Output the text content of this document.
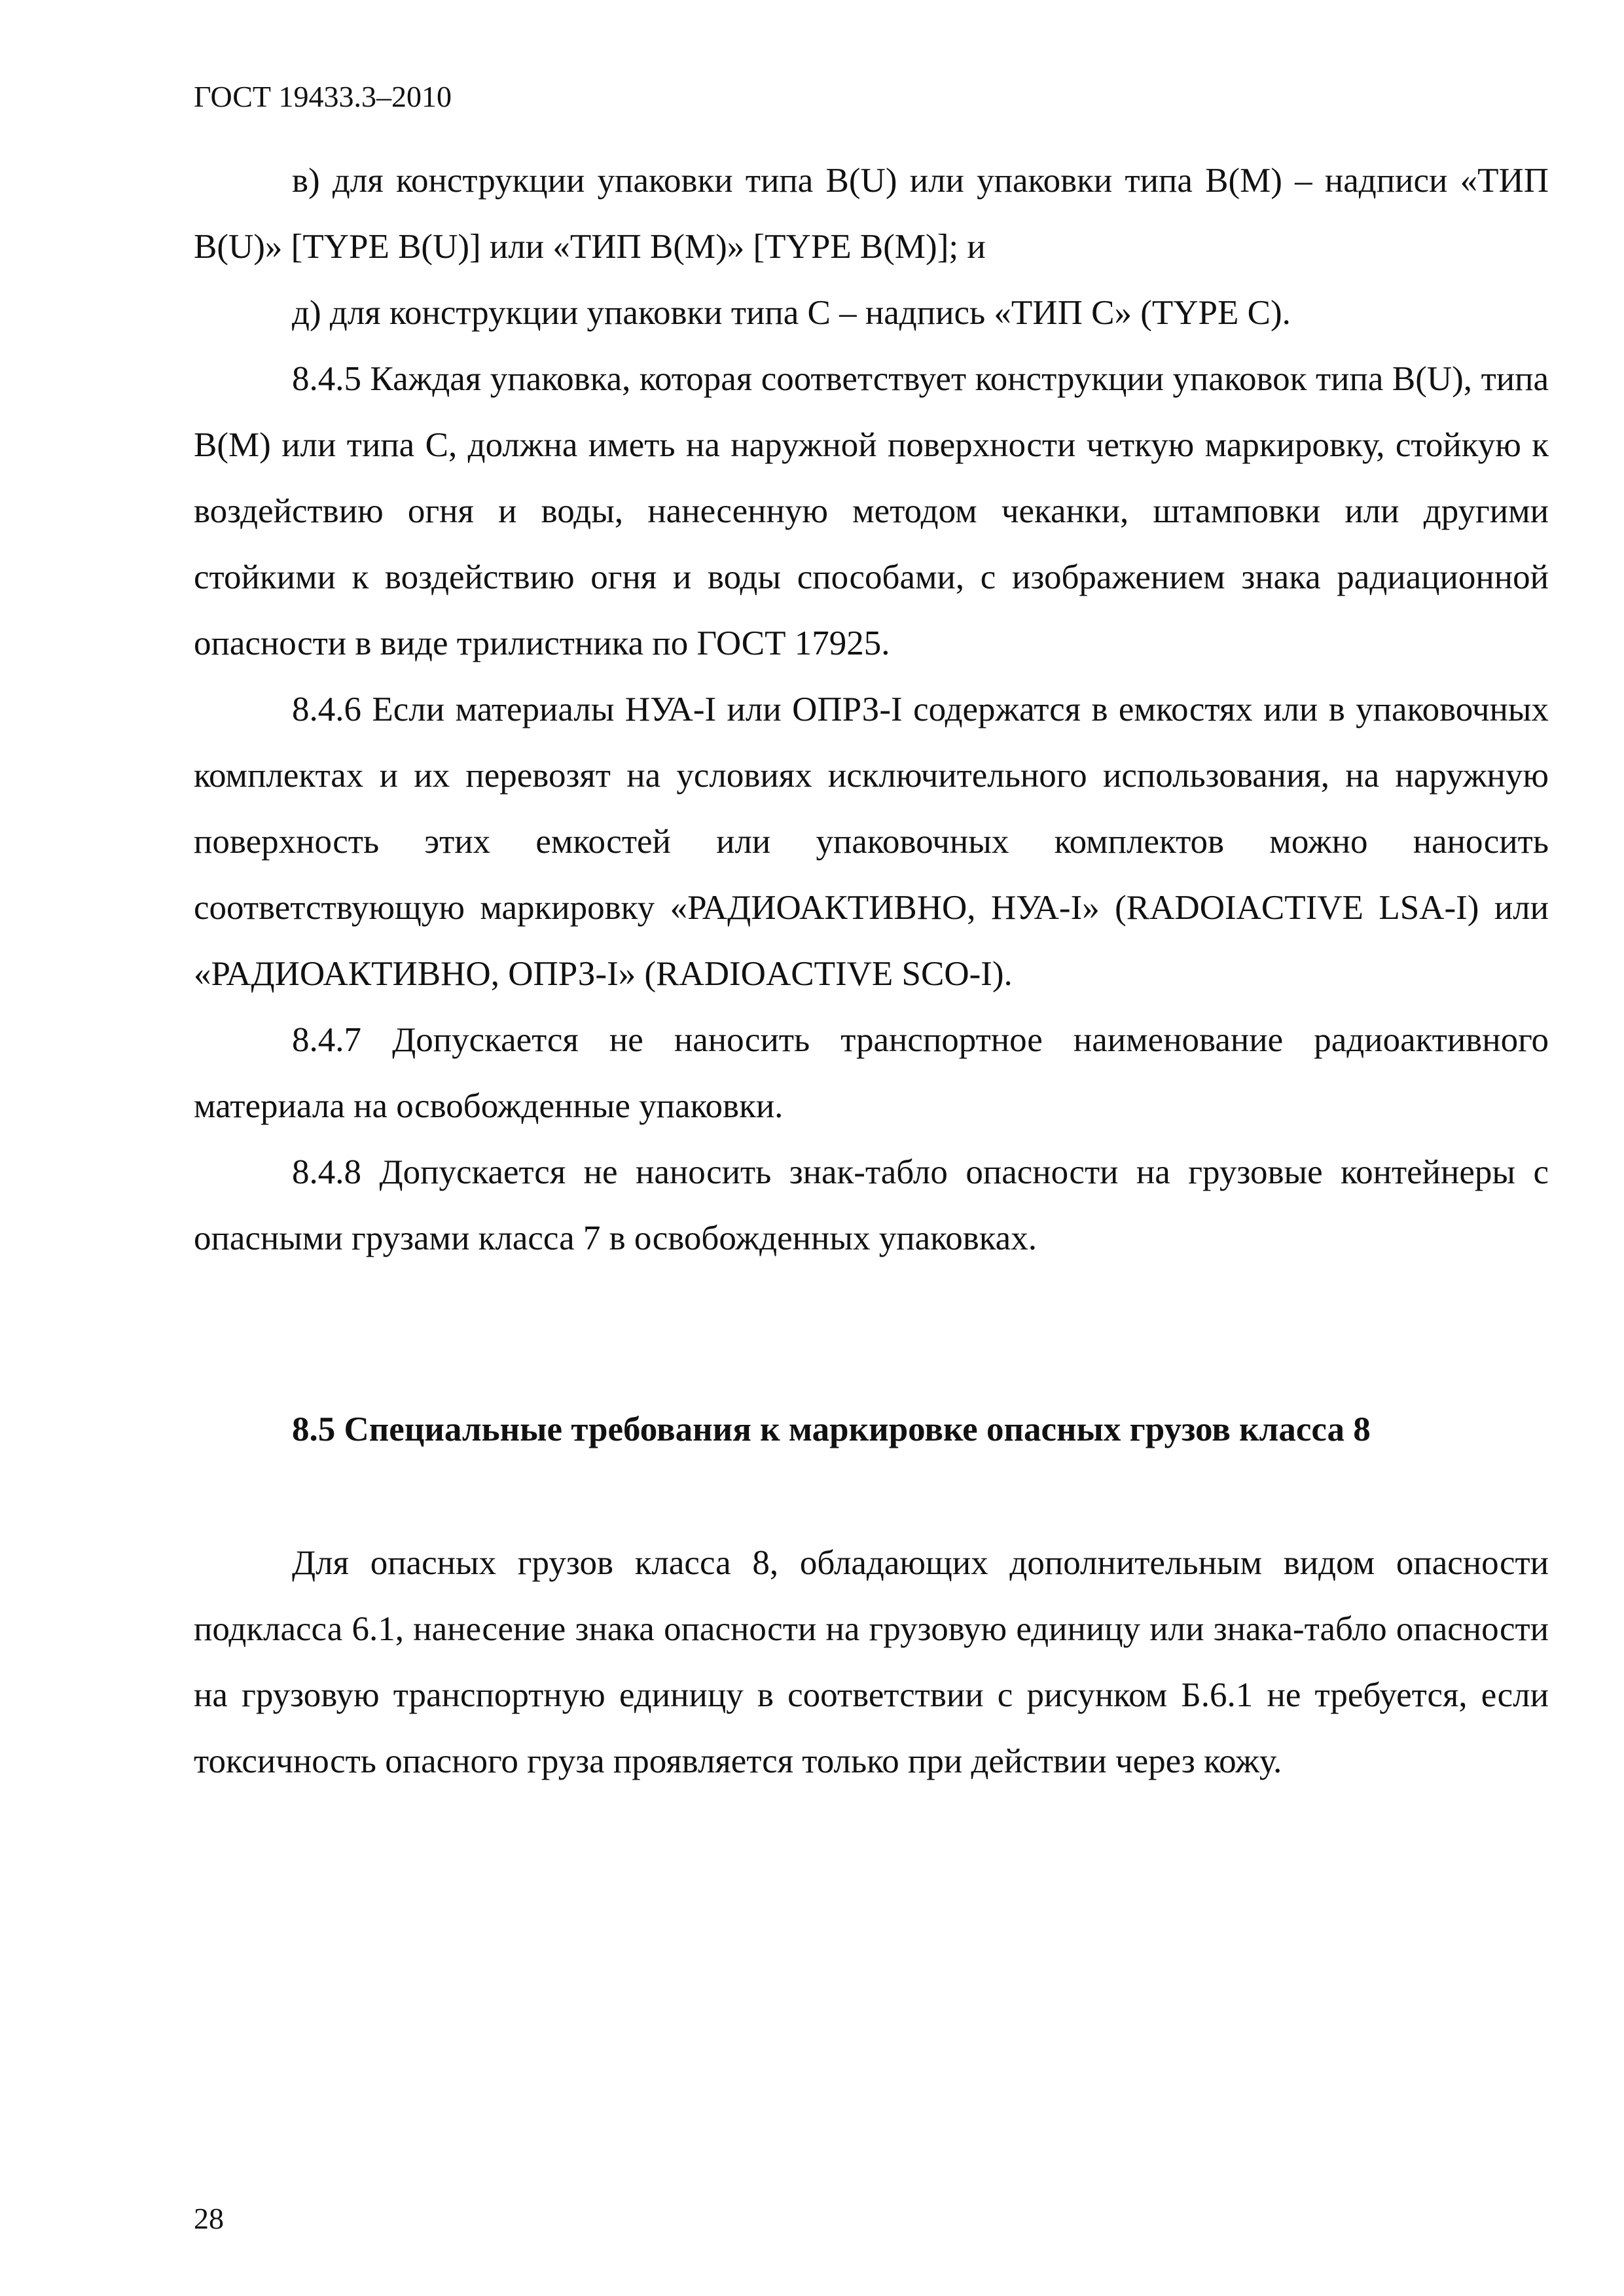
ГОСТ 19433.3–2010

в) для конструкции упаковки типа B(U) или упаковки типа B(M) – надписи «ТИП B(U)» [TYPE B(U)] или «ТИП B(M)» [TYPE B(M)]; и

д) для конструкции упаковки типа С – надпись «ТИП С» (TYPE C).

8.4.5 Каждая упаковка, которая соответствует конструкции упаковок типа B(U), типа B(M) или типа С, должна иметь на наружной поверхности четкую маркировку, стойкую к воздействию огня и воды, нанесенную методом чеканки, штамповки или другими стойкими к воздействию огня и воды способами, с изображением знака радиационной опасности в виде трилистника по ГОСТ 17925.

8.4.6 Если материалы НУА-I или ОПРЗ-I содержатся в емкостях или в упаковочных комплектах и их перевозят на условиях исключительного использования, на наружную поверхность этих емкостей или упаковочных комплектов можно наносить соответствующую маркировку «РАДИОАКТИВНО, НУА-I» (RADOIACTIVE LSA-I) или «РАДИОАКТИВНО, ОПРЗ-I» (RADIOACTIVE SCO-I).

8.4.7 Допускается не наносить транспортное наименование радиоактивного материала на освобожденные упаковки.

8.4.8 Допускается не наносить знак-табло опасности на грузовые контейнеры с опасными грузами класса 7 в освобожденных упаковках.

8.5 Специальные требования к маркировке опасных грузов класса 8

Для опасных грузов класса 8, обладающих дополнительным видом опасности подкласса 6.1, нанесение знака опасности на грузовую единицу или знака-табло опасности на грузовую транспортную единицу в соответствии с рисунком Б.6.1 не требуется, если токсичность опасного груза проявляется только при действии через кожу.

28
